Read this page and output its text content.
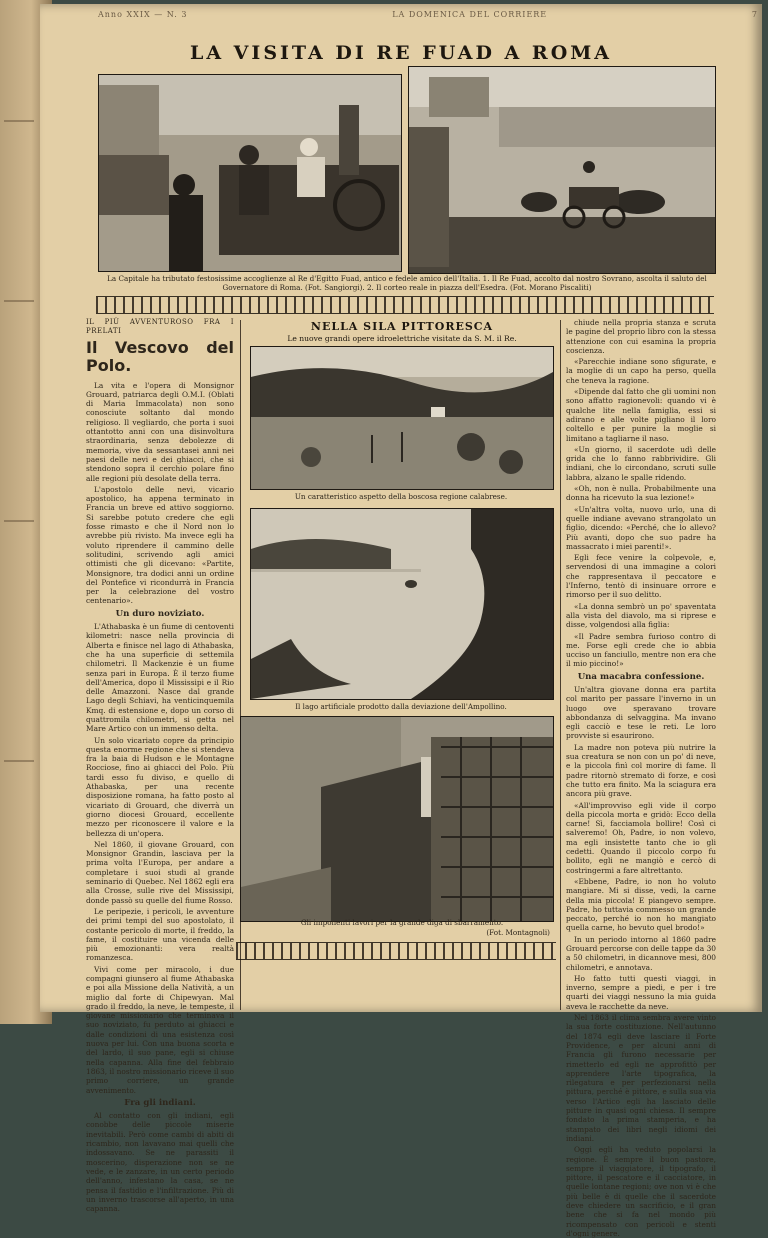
Anno XXIX — N. 3	LA DOMENICA DEL CORRIERE	7
LA VISITA DI RE FUAD A ROMA
La Capitale ha tributato festosissime accoglienze al Re d'Egitto Fuad, antico e fedele amico dell'Italia. 1. Il Re Fuad, accolto dal nostro Sovrano, ascolta il saluto del Governatore di Roma. (Fot. Sangiorgi). 2. Il corteo reale in piazza dell'Esedra. (Fot. Morano Piscaliti)
IL PIÙ AVVENTUROSO FRA I PRELATI
Il Vescovo del Polo.

La vita e l'opera di Monsignor Grouard, patriarca degli O.M.I. (Oblati di Maria Immacolata) non sono conosciute soltanto dal mondo religioso. Il vegliardo, che porta i suoi ottantotto anni con una disinvoltura straordinaria, senza debolezze di memoria, vive da sessantasei anni nei paesi delle nevi e dei ghiacci, che si stendono sopra il cerchio polare fino alle regioni più desolate della terra.

L'apostolo delle nevi, vicario apostolico, ha appena terminato in Francia un breve ed attivo soggiorno. Si sarebbe potuto credere che egli fosse rimasto e che il Nord non lo avrebbe più rivisto. Ma invece egli ha voluto riprendere il cammino delle solitudini, scrivendo agli amici ottimisti che gli dicevano: «Partite, Monsignore, tra dodici anni un ordine del Pontefice vi ricondurrà in Francia per la celebrazione del vostro centenario».

Un duro noviziato.

L'Athabaska è un fiume di centoventi kilometri: nasce nella provincia di Alberta e finisce nel lago di Athabaska, che ha una superficie di settemila chilometri. Il Mackenzie è un fiume senza pari in Europa. È il terzo fiume dell'America, dopo il Mississipi e il Rio delle Amazzoni. Nasce dal grande Lago degli Schiavi, ha venticinquemila Kmq. di estensione e, dopo un corso di quattromila chilometri, si getta nel Mare Artico con un immenso delta.

Un solo vicariato copre da principio questa enorme regione che si stendeva fra la baia di Hudson e le Montagne Rocciose, fino ai ghiacci del Polo. Più tardi esso fu diviso, e quello di Athabaska, per una recente disposizione romana, ha fatto posto al vicariato di Grouard, che diverrà un giorno diocesi Grouard, eccellente mezzo per riconoscere il valore e la bellezza di un'opera.

Nel 1860, il giovane Grouard, con Monsignor Grandin, lasciava per la prima volta l'Europa, per andare a completare i suoi studi al grande seminario di Quebec. Nel 1862 egli era alla Crosse, sulle rive del Mississipi, donde passò su quelle del fiume Rosso.

Le peripezie, i pericoli, le avventure dei primi tempi del suo apostolato, il costante pericolo di morte, il freddo, la fame, il costituire una vicenda delle più emozionanti: vera realtà romanzesca.

Vivi come per miracolo, i due compagni giunsero al fiume Athabaska e poi alla Missione della Natività, a un miglio dal forte di Chipewyan. Mal grado il freddo, la neve, le tempeste, il giovane missionario che terminava il suo noviziato, fu perduto ai ghiacci e dalle condizioni di una esistenza così nuova per lui. Con una buona scorta e del lardo, il suo pane, egli si chiuse nella capanna. Alla fine del febbraio 1863, il nostro missionario riceve il suo primo corriere, un grande avvenimento.

Fra gli indiani.

Al contatto con gli indiani, egli conobbe delle piccole miserie inevitabili. Però come cambi di abiti di ricambio, non lavavano mai quelli che indossavano. Se ne parassiti il moscerino, disperazione non se ne vede, e le zanzare, in un certo periodo dell'anno, infestano la casa, se ne pensa il fastidio e l'infiltrazione. Più di un inverno trascorse all'aperto, in una capanna.

NELLA SILA PITTORESCA
Le nuove grandi opere idroelettriche visitate da S. M. il Re.
Un caratteristico aspetto della boscosa regione calabrese.
Il lago artificiale prodotto dalla deviazione dell'Ampollino.
Gli imponenti lavori per la grande diga di sbarramento.
(Fot. Montagnoli)

chiude nella propria stanza e scruta le pagine del proprio libro con la stessa attenzione con cui esamina la propria coscienza.

«Parecchie indiane sono sfigurate, e la moglie di un capo ha perso, quella che teneva la ragione.

«Dipende dal fatto che gli uomini non sono affatto ragionevoli: quando vi è qualche lite nella famiglia, essi si adirano e alle volte pigliano il loro coltello e per punire la moglie si limitano a tagliarne il naso.

«Un giorno, il sacerdote udì delle grida che lo fanno rabbrividire. Gli indiani, che lo circondano, scruti sulle labbra, alzano le spalle ridendo.

«Oh, non è nulla. Probabilmente una donna ha ricevuto la sua lezione!»

«Un'altra volta, nuovo urlo, una di quelle indiane avevano strangolato un figlio, dicendo: «Perché, che lo allevo? Più avanti, dopo che suo padre ha massacrato i miei parenti!».

Egli fece venire la colpevole, e, servendosi di una immagine a colori che rappresentava il peccatore e l'Inferno, tentò di insinuare orrore e rimorso per il suo delitto.

«La donna sembrò un po' spaventata alla vista del diavolo, ma si riprese e disse, volgendosi alla figlia:

«Il Padre sembra furioso contro di me. Forse egli crede che io abbia ucciso un fanciullo, mentre non era che il mio piccino!»

Una macabra confessione.

Un'altra giovane donna era partita col marito per passare l'inverno in un luogo ove speravano trovare abbondanza di selvaggina. Ma invano egli cacciò e tese le reti. Le loro provviste si esaurirono.

La madre non poteva più nutrire la sua creatura se non con un po' di neve, e la piccola finì col morire di fame. Il padre ritornò stremato di forze, e così che tutto era finito. Ma la sciagura era ancora più grave.

«All'improvviso egli vide il corpo della piccola morta e gridò: Ecco della carne! Sì, facciamola bollire! Così ci salveremo! Oh, Padre, io non volevo, ma egli insistette tanto che io gli cedetti. Quando il piccolo corpo fu bollito, egli ne mangiò e cercò di costringermi a fare altrettanto.

«Ebbene, Padre, io non ho voluto mangiare. Mi si disse, vedi, la carne della mia piccola! E piangevo sempre. Padre, ho tuttavia commesso un grande peccato, perché io non ho mangiato quella carne, ho bevuto quel brodo!»

In un periodo intorno al 1860 padre Grouard percorse con delle tappe da 30 a 50 chilometri, in dicannove mesi, 800 chilometri, e annotava.

Ho fatto tutti questi viaggi, in inverno, sempre a piedi, e per i tre quarti dei viaggi nessuno la mia guida aveva le racchette da neve.

Nel 1863 il clima sembra avere vinto la sua forte costituzione. Nell'autunno del 1874 egli deve lasciare il Forte Providence, e per alcuni anni di Francia gli furono necessarie per rimetterlo ed egli ne approfittò per apprendere l'arte tipografica, la rilegatura e per perfezionarsi nella pittura, perché è pittore, e sulla sua via verso l'Artico egli ha lasciato delle pitture in quasi ogni chiesa. Il sempre fondato la prima stamperia, e ha stampato dei libri negli idiomi dei indiani.

Oggi egli ha veduto popolarsi la regione. È sempre il buon pastore, sempre il viaggiatore, il tipografo, il pittore, il pescatore e il cacciatore, in quelle lontane regioni; ove non vi è che più belle è di quelle che il sacerdote deve chiedere un sacrificio, e il gran bene che si fa nel mondo più ricompensato con pericoli e stenti d'ogni genere.
